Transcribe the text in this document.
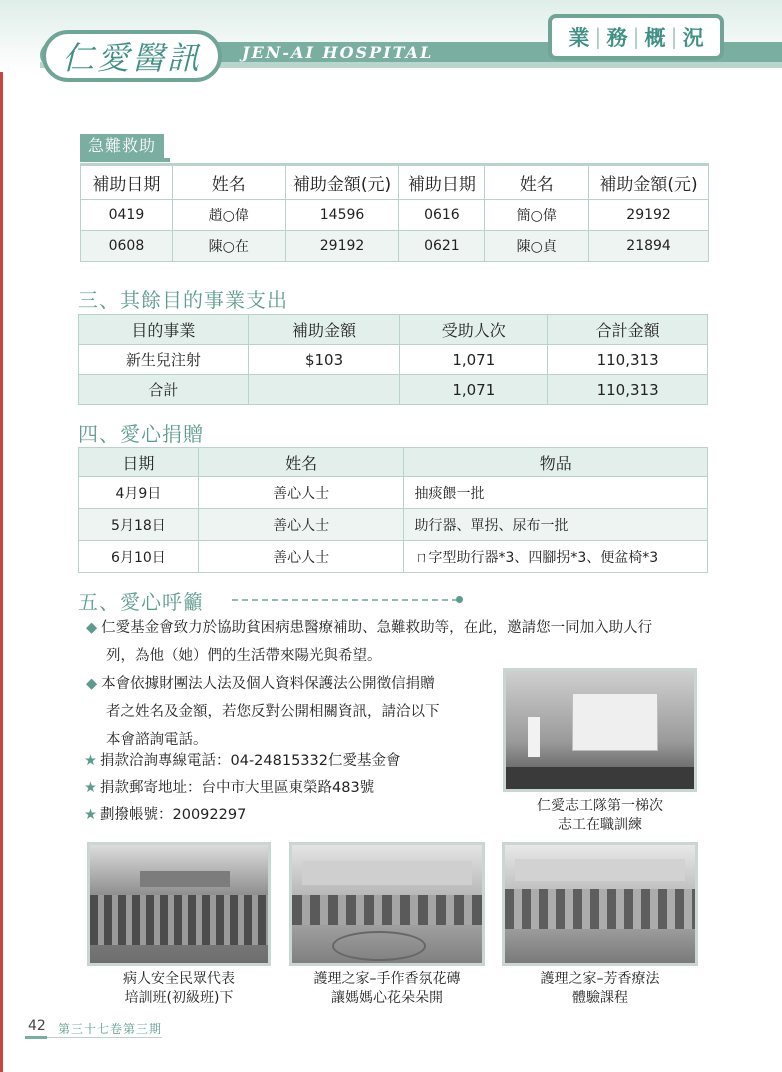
仁愛醫訊	JEN-AI HOSPITAL
業 | 務 | 概 | 況
急難救助
補助日期	姓名	補助金額(元)	補助日期	姓名	補助金額(元)
0419	趙○偉	14596	0616	簡○偉	29192
0608	陳○在	29192	0621	陳○貞	21894
三、其餘目的事業支出
目的事業	補助金額	受助人次	合計金額
新生兒注射	$103	1,071	110,313
合計		1,071	110,313
四、愛心捐贈
日期	姓名	物品
4月9日	善心人士	抽痰餵一批
5月18日	善心人士	助行器、單拐、尿布一批
6月10日	善心人士	ㄇ字型助行器*3、四腳拐*3、便盆椅*3
五、愛心呼籲
◆ 仁愛基金會致力於協助貧困病患醫療補助、急難救助等，在此，邀請您一同加入助人行
列，為他（她）們的生活帶來陽光與希望。
◆ 本會依據財團法人法及個人資料保護法公開徵信捐贈
者之姓名及金額，若您反對公開相關資訊，請洽以下
本會諮詢電話。
★ 捐款洽詢專線電話：04-24815332仁愛基金會
★ 捐款郵寄地址：台中市大里區東榮路483號
★ 劃撥帳號：20092297
仁愛志工隊第一梯次
志工在職訓練
病人安全民眾代表
培訓班(初級班)下
護理之家–手作香氛花磚
讓媽媽心花朵朵開
護理之家–芳香療法
體驗課程
42 第三十七卷第三期
